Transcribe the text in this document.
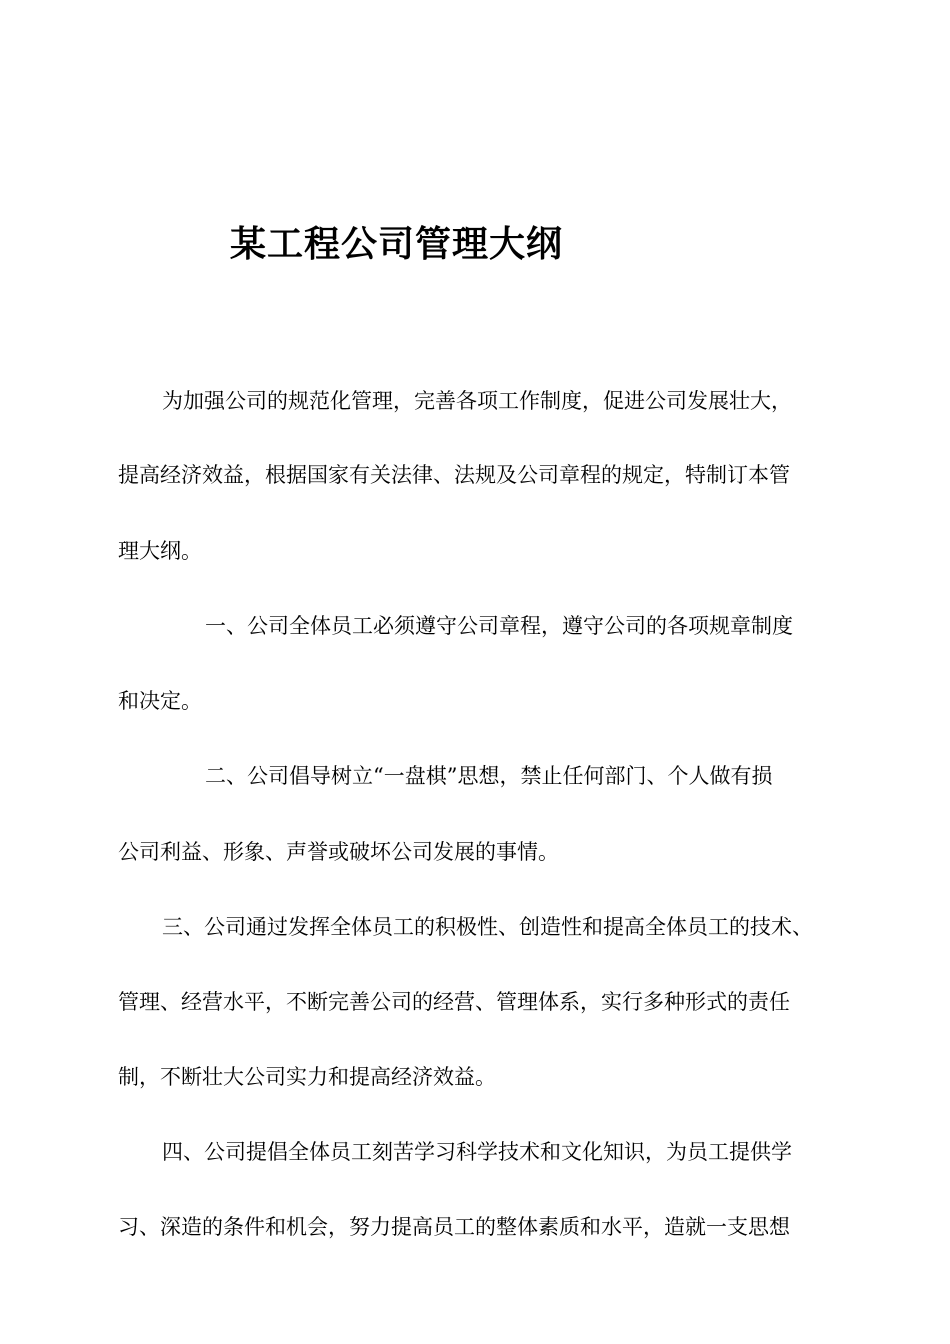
某工程公司管理大纲
为加强公司的规范化管理，完善各项工作制度，促进公司发展壮大，
提高经济效益，根据国家有关法律、法规及公司章程的规定，特制订本管
理大纲。
一、公司全体员工必须遵守公司章程，遵守公司的各项规章制度
和决定。
二、公司倡导树立“一盘棋”思想，禁止任何部门、个人做有损
公司利益、形象、声誉或破坏公司发展的事情。
三、公司通过发挥全体员工的积极性、创造性和提高全体员工的技术、
管理、经营水平，不断完善公司的经营、管理体系，实行多种形式的责任
制，不断壮大公司实力和提高经济效益。
四、公司提倡全体员工刻苦学习科学技术和文化知识，为员工提供学
习、深造的条件和机会，努力提高员工的整体素质和水平，造就一支思想
